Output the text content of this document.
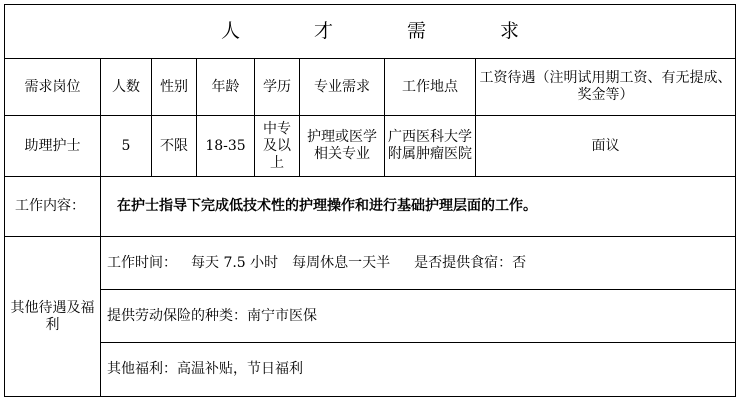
人 才 需 求							
需求岗位	人数	性别	年龄	学历	专业需求	工作地点	工资待遇（注明试用期工资、有无提成、奖金等）
助理护士	5	不限	18-35	中专及以上	护理或医学相关专业	广西医科大学附属肿瘤医院	面议
工作内容：	在护士指导下完成低技术性的护理操作和进行基础护理层面的工作。						
其他待遇及福利	工作时间： 每天 7.5 小时 每周休息一天半 是否提供食宿：否						
	提供劳动保险的种类：南宁市医保						
	其他福利：高温补贴，节日福利						
